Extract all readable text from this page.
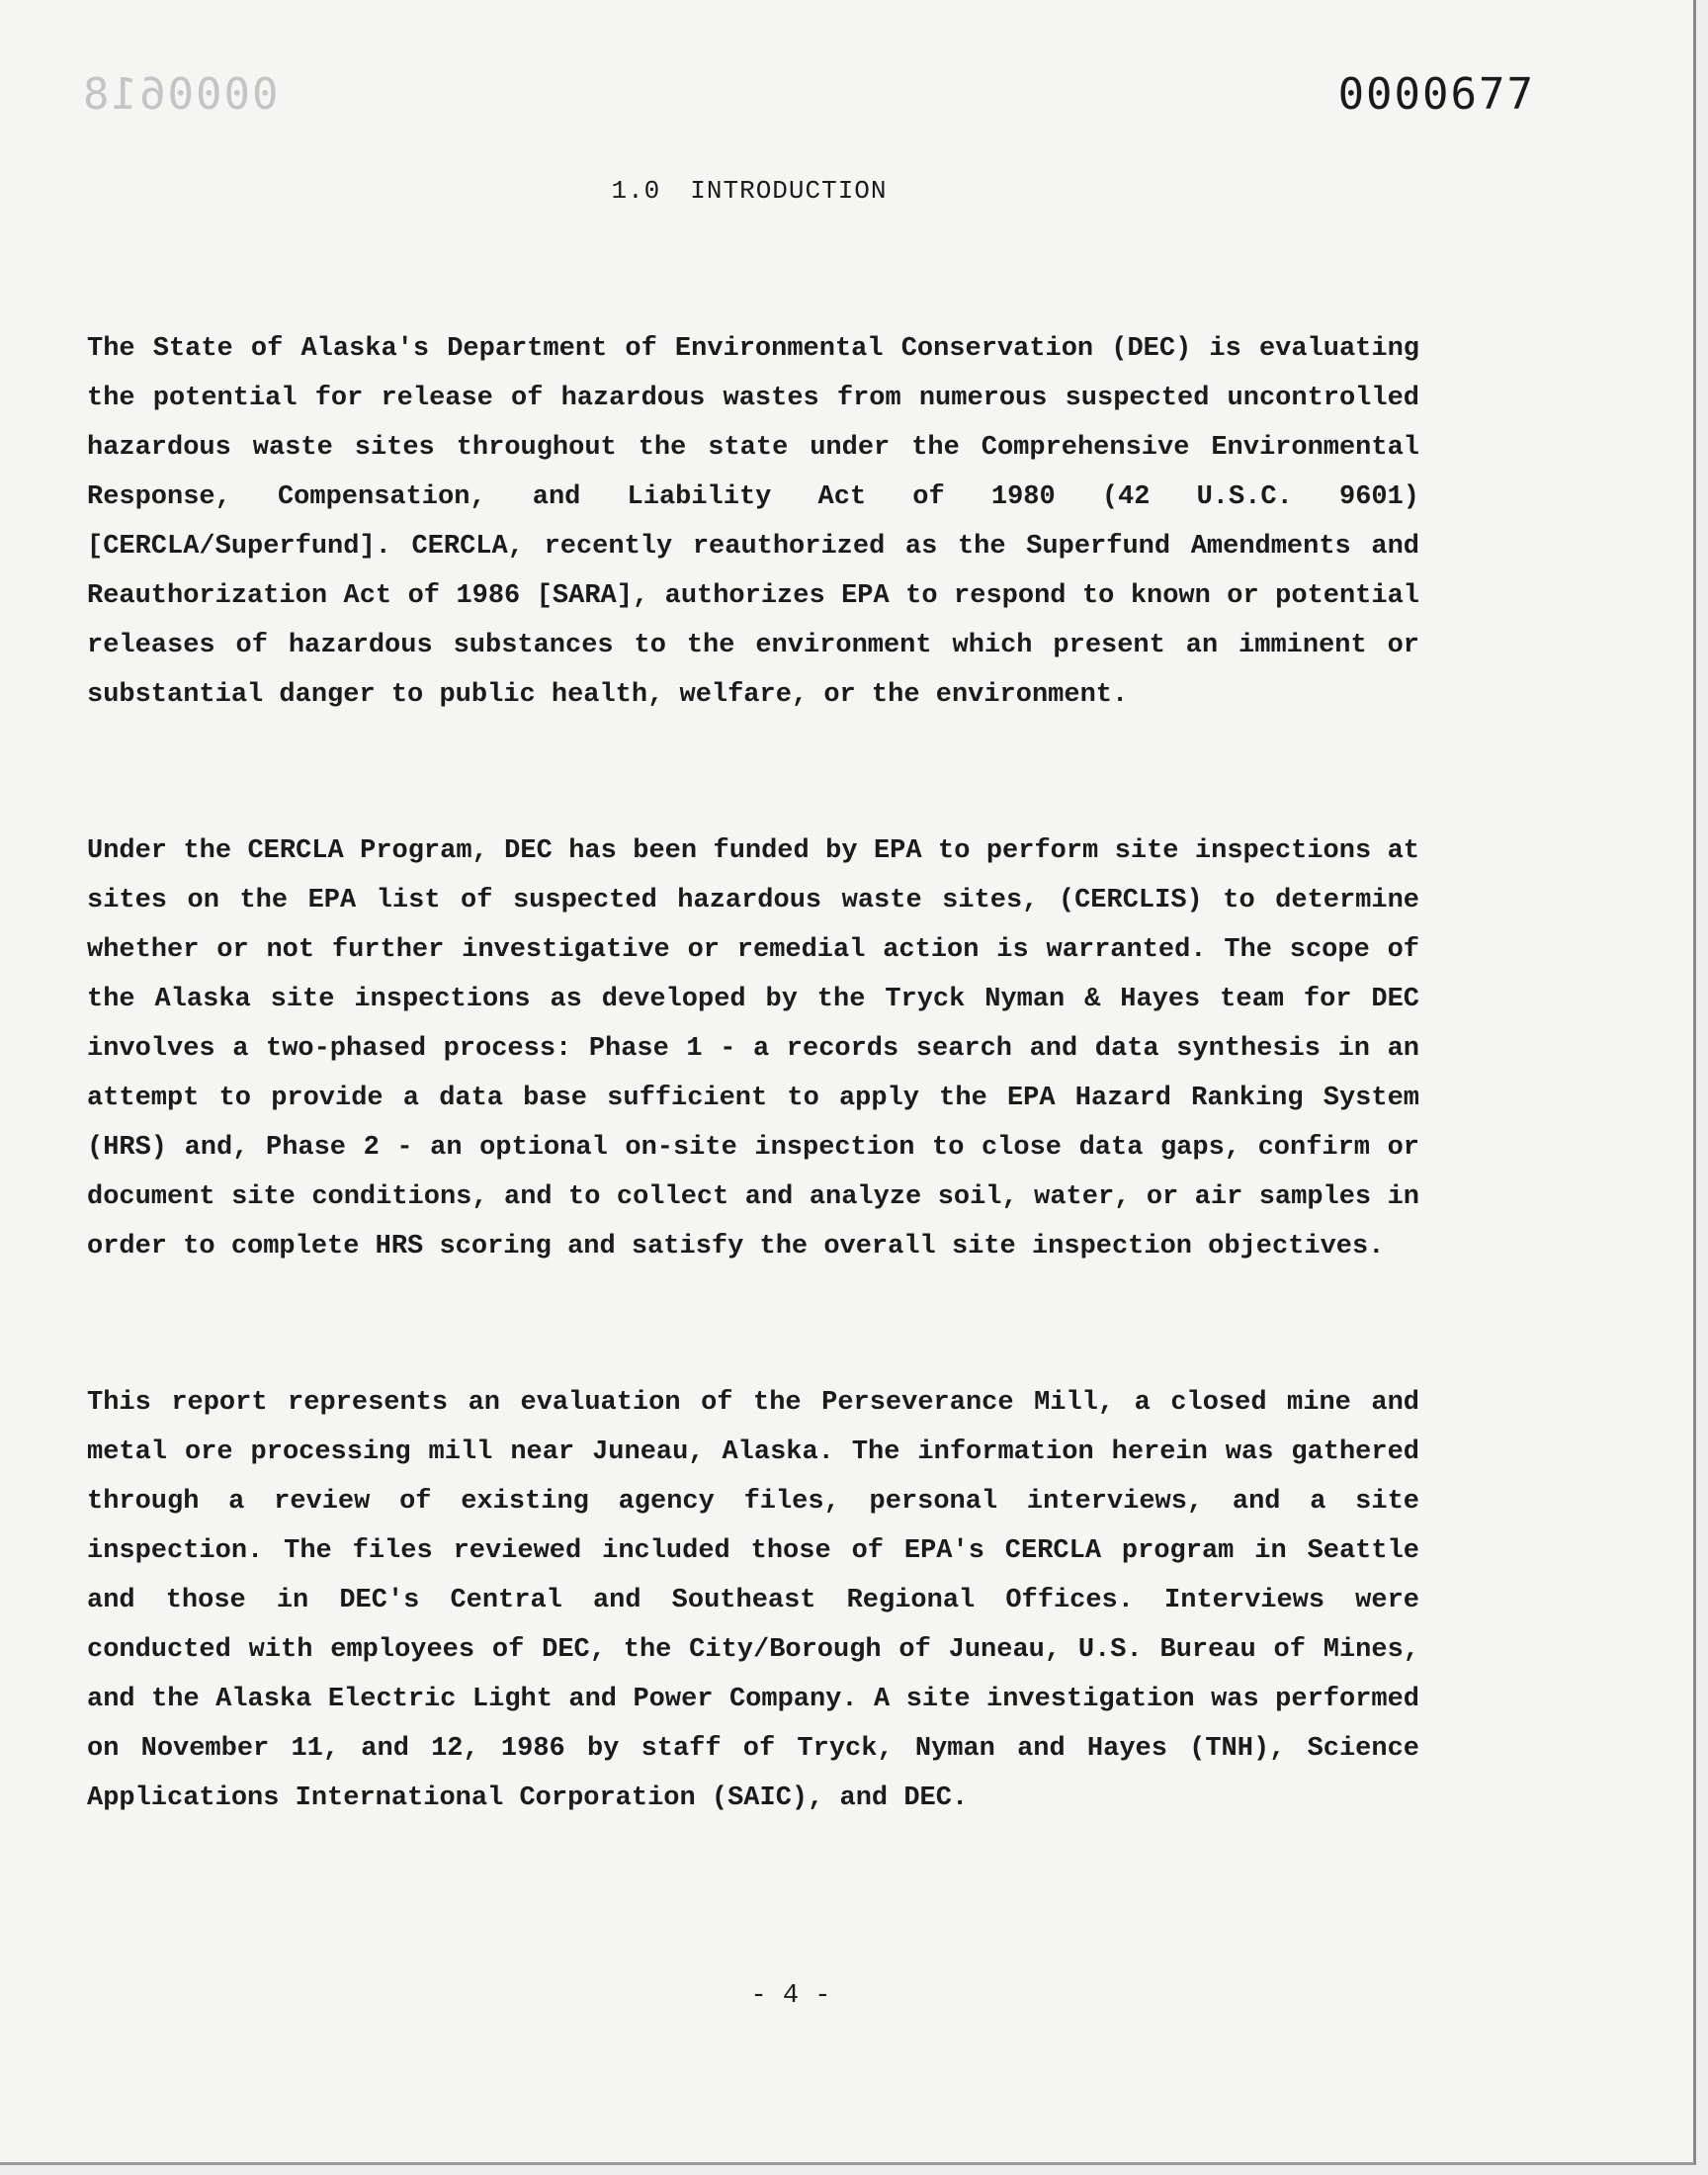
0000618	0000677
1.0 INTRODUCTION

The State of Alaska's Department of Environmental Conservation (DEC) is evaluating the potential for release of hazardous wastes from numerous suspected uncontrolled hazardous waste sites throughout the state under the Comprehensive Environmental Response, Compensation, and Liability Act of 1980 (42 U.S.C. 9601) [CERCLA/Superfund]. CERCLA, recently reauthorized as the Superfund Amendments and Reauthorization Act of 1986 [SARA], authorizes EPA to respond to known or potential releases of hazardous substances to the environment which present an imminent or substantial danger to public health, welfare, or the environment.

Under the CERCLA Program, DEC has been funded by EPA to perform site inspections at sites on the EPA list of suspected hazardous waste sites, (CERCLIS) to determine whether or not further investigative or remedial action is warranted. The scope of the Alaska site inspections as developed by the Tryck Nyman & Hayes team for DEC involves a two-phased process: Phase 1 - a records search and data synthesis in an attempt to provide a data base sufficient to apply the EPA Hazard Ranking System (HRS) and, Phase 2 - an optional on-site inspection to close data gaps, confirm or document site conditions, and to collect and analyze soil, water, or air samples in order to complete HRS scoring and satisfy the overall site inspection objectives.

This report represents an evaluation of the Perseverance Mill, a closed mine and metal ore processing mill near Juneau, Alaska. The information herein was gathered through a review of existing agency files, personal interviews, and a site inspection. The files reviewed included those of EPA's CERCLA program in Seattle and those in DEC's Central and Southeast Regional Offices. Interviews were conducted with employees of DEC, the City/Borough of Juneau, U.S. Bureau of Mines, and the Alaska Electric Light and Power Company. A site investigation was performed on November 11, and 12, 1986 by staff of Tryck, Nyman and Hayes (TNH), Science Applications International Corporation (SAIC), and DEC.

- 4 -
